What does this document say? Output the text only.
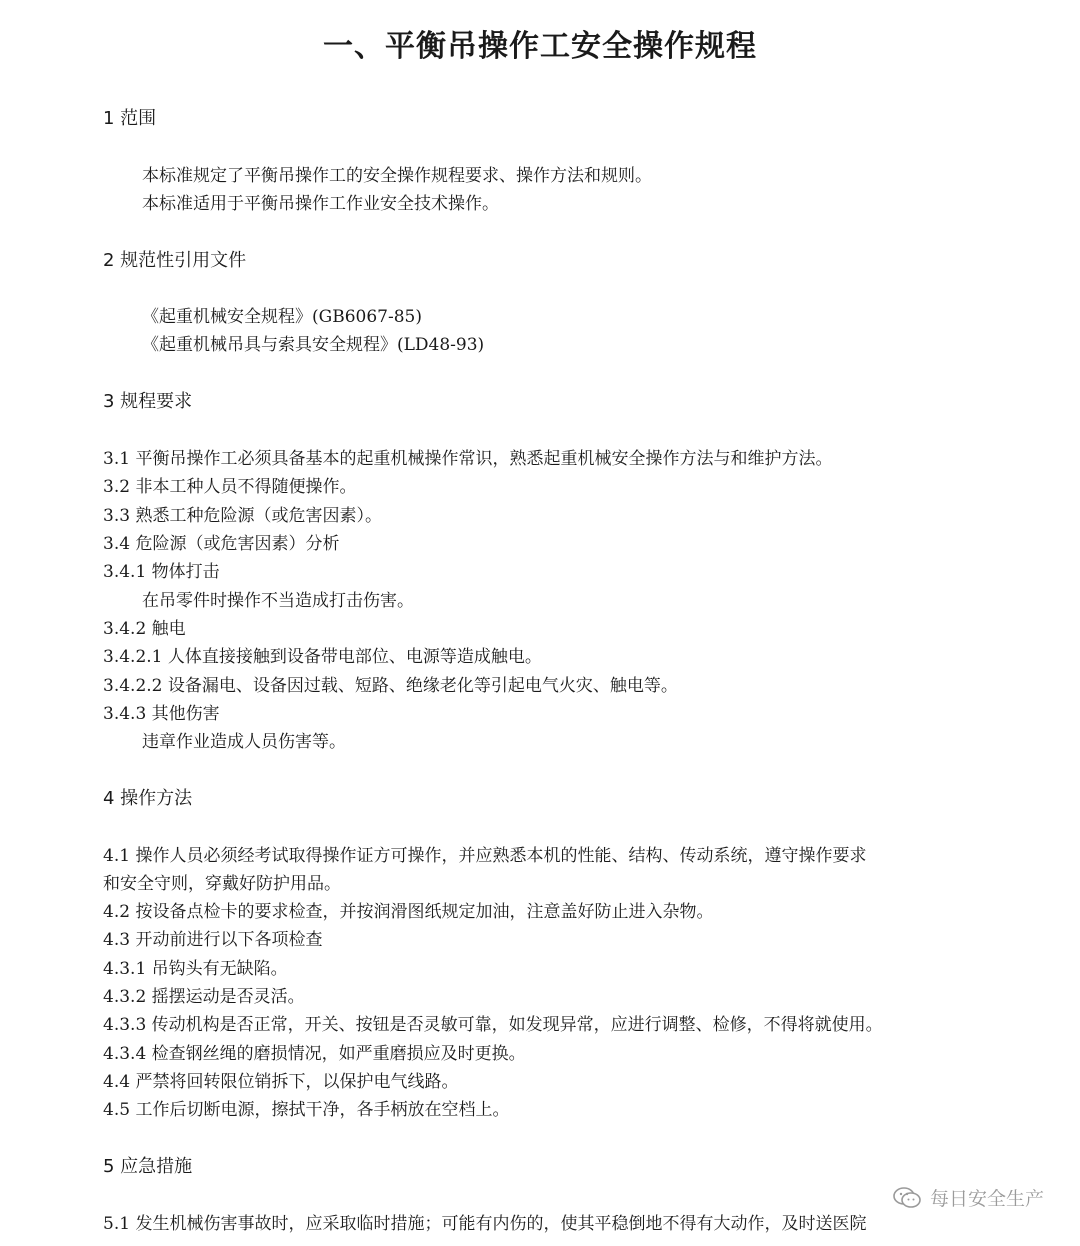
一、平衡吊操作工安全操作规程
1 范围
本标准规定了平衡吊操作工的安全操作规程要求、操作方法和规则。
本标准适用于平衡吊操作工作业安全技术操作。
2 规范性引用文件
《起重机械安全规程》(GB6067-85)
《起重机械吊具与索具安全规程》(LD48-93)
3 规程要求
3.1 平衡吊操作工必须具备基本的起重机械操作常识，熟悉起重机械安全操作方法与和维护方法。
3.2 非本工种人员不得随便操作。
3.3 熟悉工种危险源（或危害因素）。
3.4 危险源（或危害因素）分析
3.4.1 物体打击
在吊零件时操作不当造成打击伤害。
3.4.2 触电
3.4.2.1 人体直接接触到设备带电部位、电源等造成触电。
3.4.2.2 设备漏电、设备因过载、短路、绝缘老化等引起电气火灾、触电等。
3.4.3 其他伤害
违章作业造成人员伤害等。
4 操作方法
4.1 操作人员必须经考试取得操作证方可操作，并应熟悉本机的性能、结构、传动系统，遵守操作要求
和安全守则，穿戴好防护用品。
4.2 按设备点检卡的要求检查，并按润滑图纸规定加油，注意盖好防止进入杂物。
4.3 开动前进行以下各项检查
4.3.1 吊钩头有无缺陷。
4.3.2 摇摆运动是否灵活。
4.3.3 传动机构是否正常，开关、按钮是否灵敏可靠，如发现异常，应进行调整、检修，不得将就使用。
4.3.4 检查钢丝绳的磨损情况，如严重磨损应及时更换。
4.4 严禁将回转限位销拆下，以保护电气线路。
4.5 工作后切断电源，擦拭干净，各手柄放在空档上。
5 应急措施
5.1 发生机械伤害事故时，应采取临时措施；可能有内伤的，使其平稳倒地不得有大动作，及时送医院
每日安全生产
